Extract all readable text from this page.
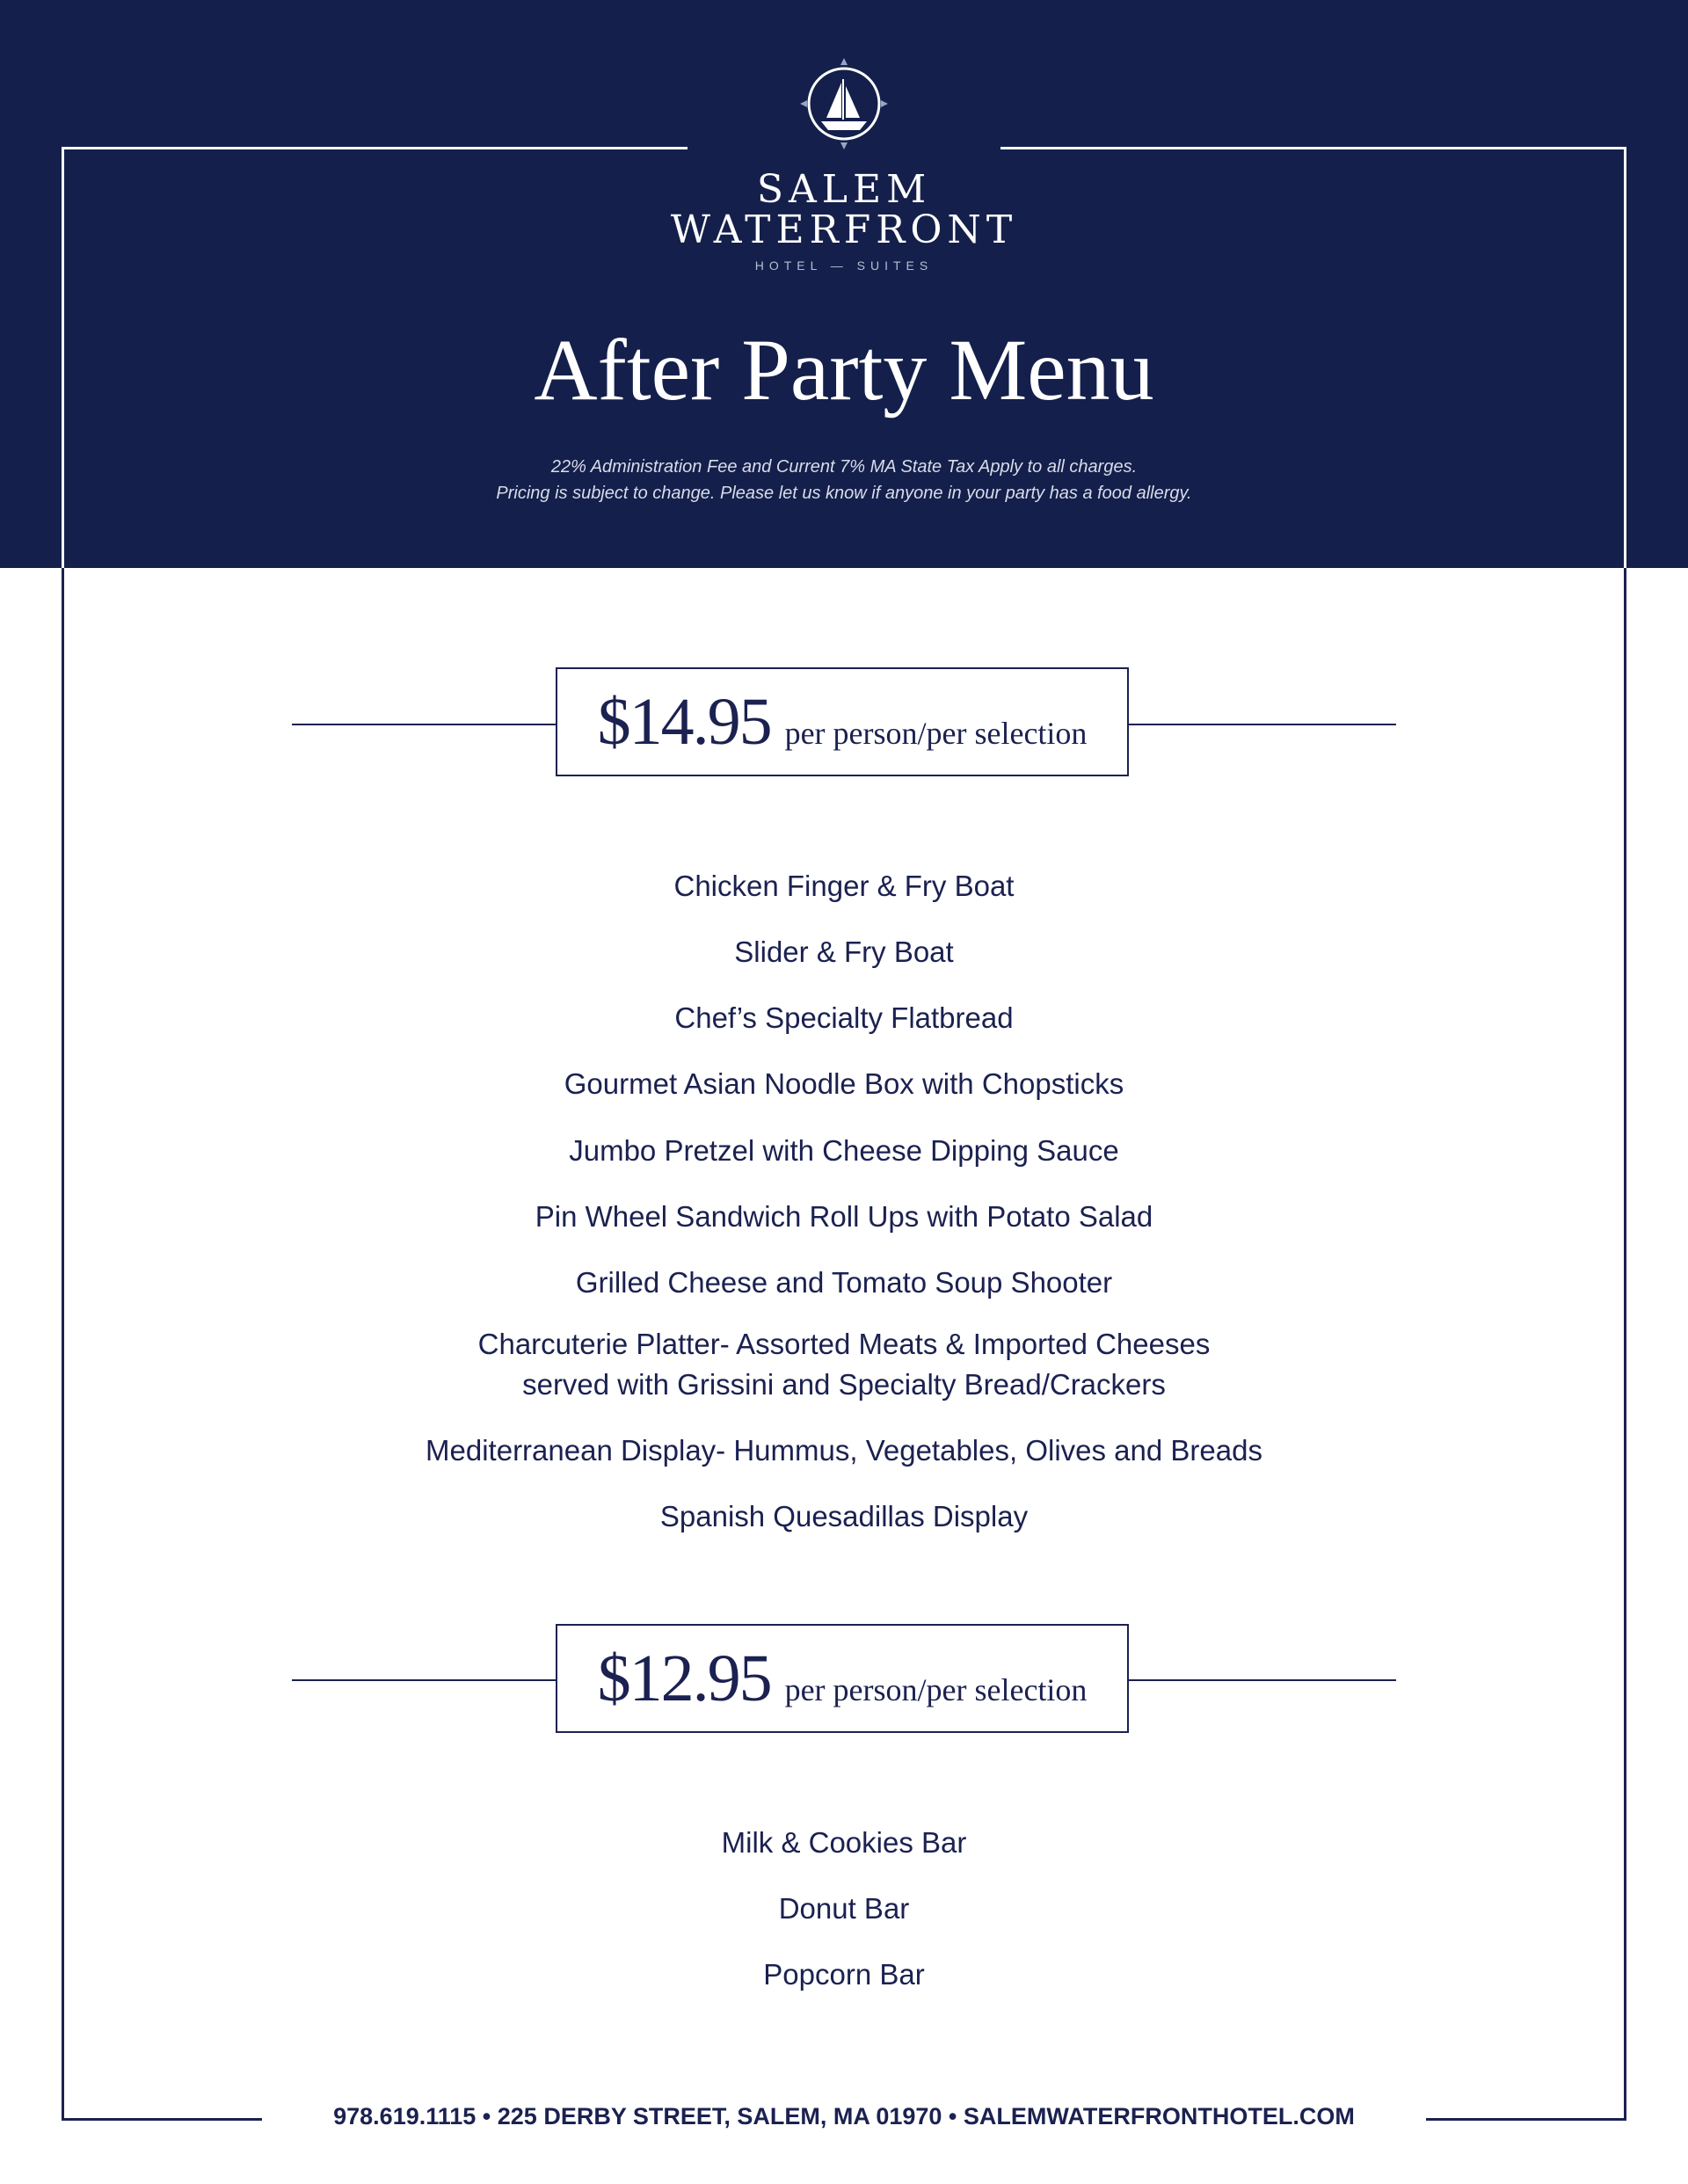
SALEM
WATERFRONT
HOTEL — SUITES
After Party Menu
22% Administration Fee and Current 7% MA State Tax Apply to all charges.
Pricing is subject to change. Please let us know if anyone in your party has a food allergy.
$14.95 per person/per selection
Chicken Finger & Fry Boat
Slider & Fry Boat
Chef’s Specialty Flatbread
Gourmet Asian Noodle Box with Chopsticks
Jumbo Pretzel with Cheese Dipping Sauce
Pin Wheel Sandwich Roll Ups with Potato Salad
Grilled Cheese and Tomato Soup Shooter
Charcuterie Platter- Assorted Meats & Imported Cheeses
served with Grissini and Specialty Bread/Crackers
Mediterranean Display- Hummus, Vegetables, Olives and Breads
Spanish Quesadillas Display
$12.95 per person/per selection
Milk & Cookies Bar
Donut Bar
Popcorn Bar
978.619.1115 • 225 DERBY STREET, SALEM, MA 01970 • SALEMWATERFRONTHOTEL.COM
